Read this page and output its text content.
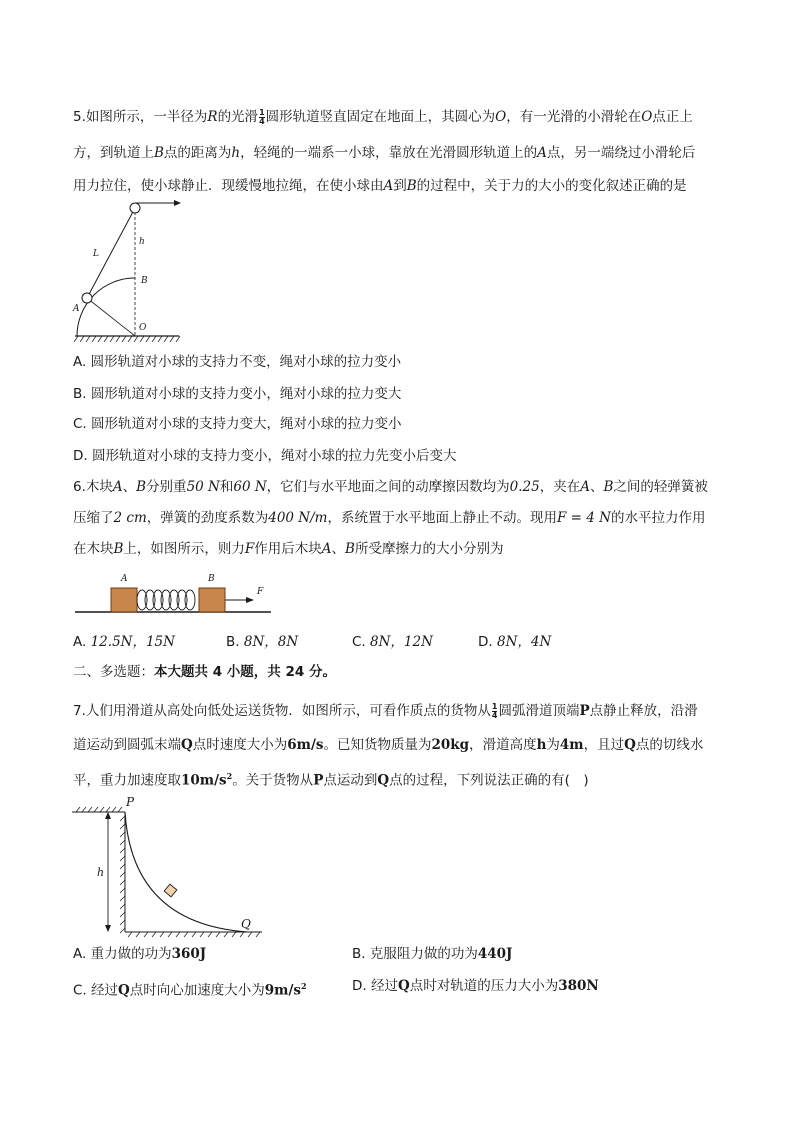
5.如图所示，一半径为R的光滑 $\frac{1}{4}$ 圆形轨道竖直固定在地面上，其圆心为O，有一光滑的小滑轮在O点正上
方，到轨道上B点的距离为h，轻绳的一端系一小球，靠放在光滑圆形轨道上的A点，另一端绕过小滑轮后
用力拉住，使小球静止．现缓慢地拉绳，在使小球由A到B的过程中，关于力的大小的变化叙述正确的是
L
h
B
A
O
A. 圆形轨道对小球的支持力不变，绳对小球的拉力变小
B. 圆形轨道对小球的支持力变小，绳对小球的拉力变大
C. 圆形轨道对小球的支持力变大，绳对小球的拉力变小
D. 圆形轨道对小球的支持力变小，绳对小球的拉力先变小后变大
6.木块A、B分别重50 N和60 N，它们与水平地面之间的动摩擦因数均为0.25，夹在A、B之间的轻弹簧被
压缩了2 cm，弹簧的劲度系数为400 N/m，系统置于水平地面上静止不动。现用F = 4 N的水平拉力作用
在木块B上，如图所示，则力F作用后木块A、B所受摩擦力的大小分别为
A	B
F
A. 12.5N，15N	B. 8N，8N	C. 8N，12N	D. 8N，4N
二、多选题：本大题共 4 小题，共 24 分。
7.人们用滑道从高处向低处运送货物．如图所示，可看作质点的货物从 $\frac{1}{4}$ 圆弧滑道顶端P点静止释放，沿滑
道运动到圆弧末端Q点时速度大小为6m/s。已知货物质量为20kg，滑道高度h为4m，且过Q点的切线水
平，重力加速度取$10m/s^2$。关于货物从P点运动到Q点的过程，下列说法正确的有(　)
P
h
Q
A. 重力做的功为360J	B. 克服阻力做的功为440J
C. 经过Q点时向心加速度大小为$9m/s^2$	D. 经过Q点时对轨道的压力大小为380N
